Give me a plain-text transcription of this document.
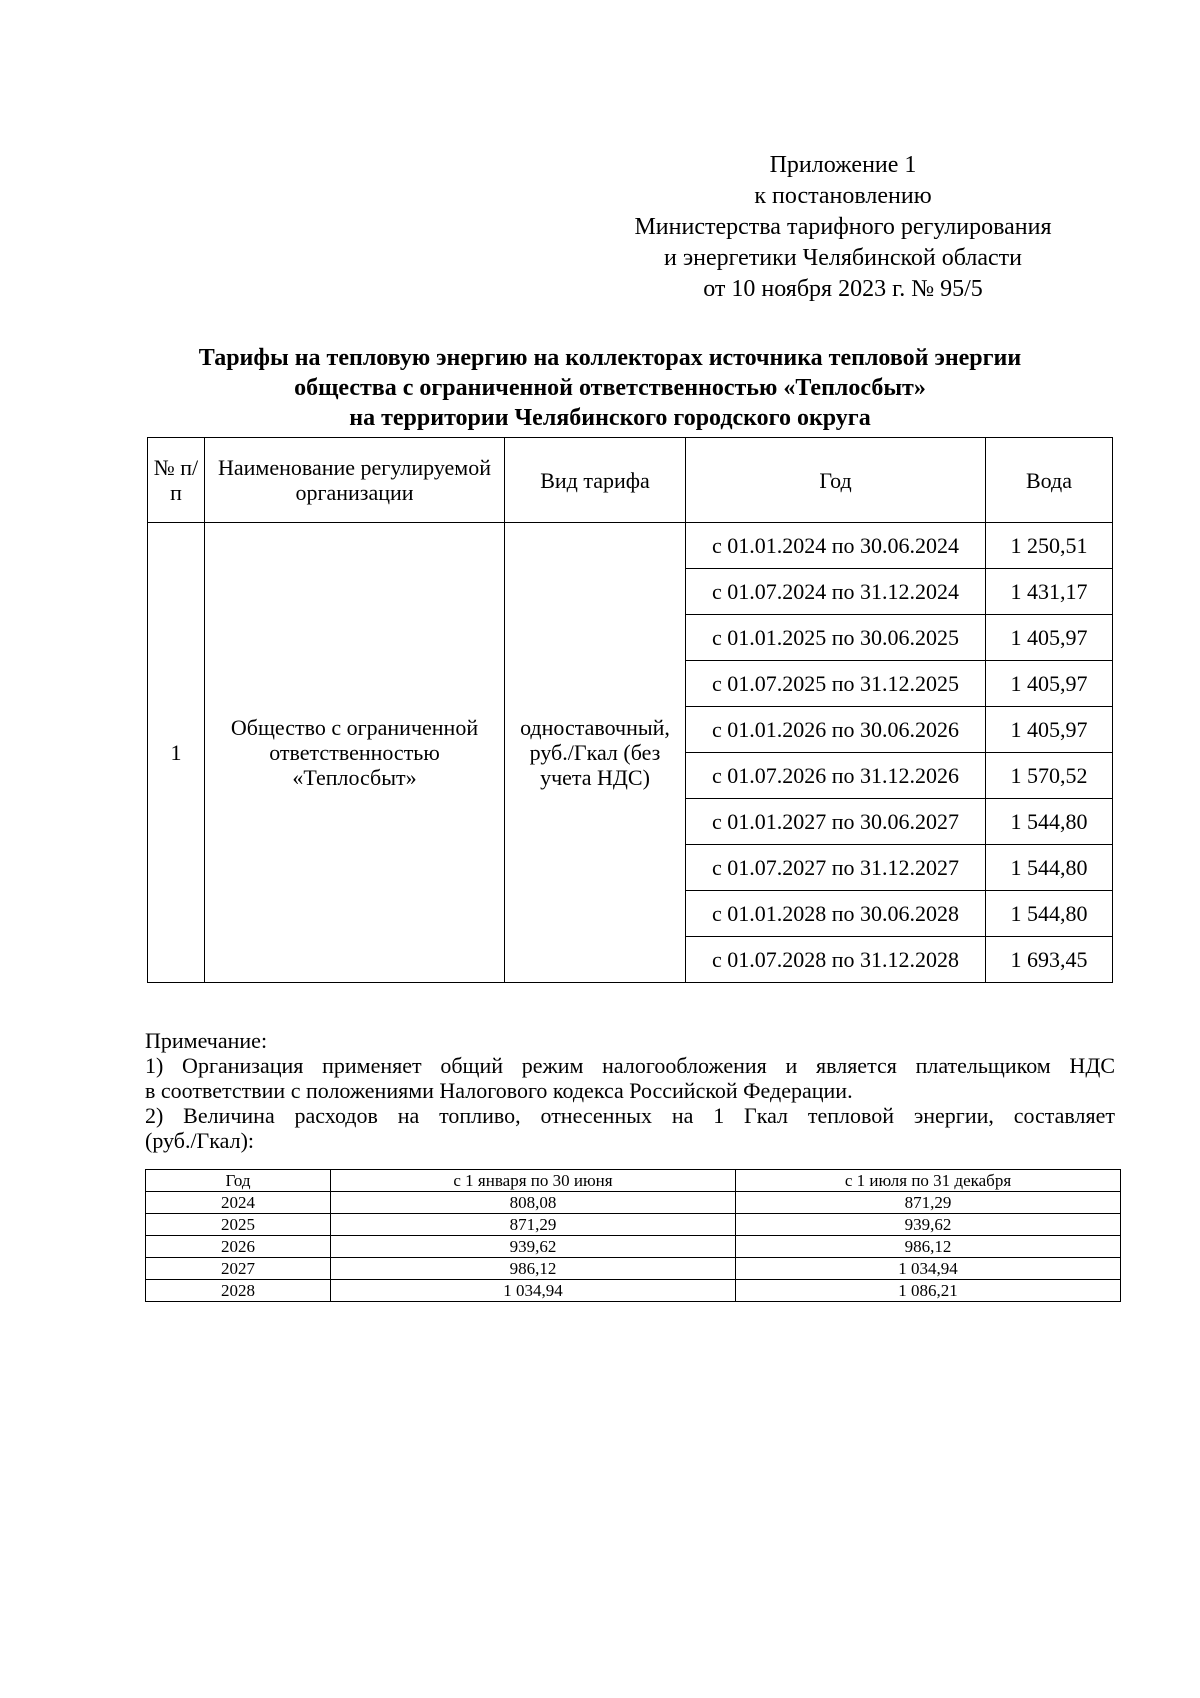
Приложение 1
к постановлению
Министерства тарифного регулирования
и энергетики Челябинской области
от 10 ноября 2023 г. № 95/5
Тарифы на тепловую энергию на коллекторах источника тепловой энергии
общества с ограниченной ответственностью «Теплосбыт»
на территории Челябинского городского округа
№ п/п	Наименование регулируемой организации	Вид тарифа	Год	Вода
1	Общество с ограниченной ответственностью «Теплосбыт»	одноставочный, руб./Гкал (без учета НДС)	с 01.01.2024 по 30.06.2024	1 250,51
			с 01.07.2024 по 31.12.2024	1 431,17
			с 01.01.2025 по 30.06.2025	1 405,97
			с 01.07.2025 по 31.12.2025	1 405,97
			с 01.01.2026 по 30.06.2026	1 405,97
			с 01.07.2026 по 31.12.2026	1 570,52
			с 01.01.2027 по 30.06.2027	1 544,80
			с 01.07.2027 по 31.12.2027	1 544,80
			с 01.01.2028 по 30.06.2028	1 544,80
			с 01.07.2028 по 31.12.2028	1 693,45
Примечание:
1) Организация применяет общий режим налогообложения и является плательщиком НДС
в соответствии с положениями Налогового кодекса Российской Федерации.
2) Величина расходов на топливо, отнесенных на 1 Гкал тепловой энергии, составляет
(руб./Гкал):
Год	с 1 января по 30 июня	с 1 июля по 31 декабря
2024	808,08	871,29
2025	871,29	939,62
2026	939,62	986,12
2027	986,12	1 034,94
2028	1 034,94	1 086,21
